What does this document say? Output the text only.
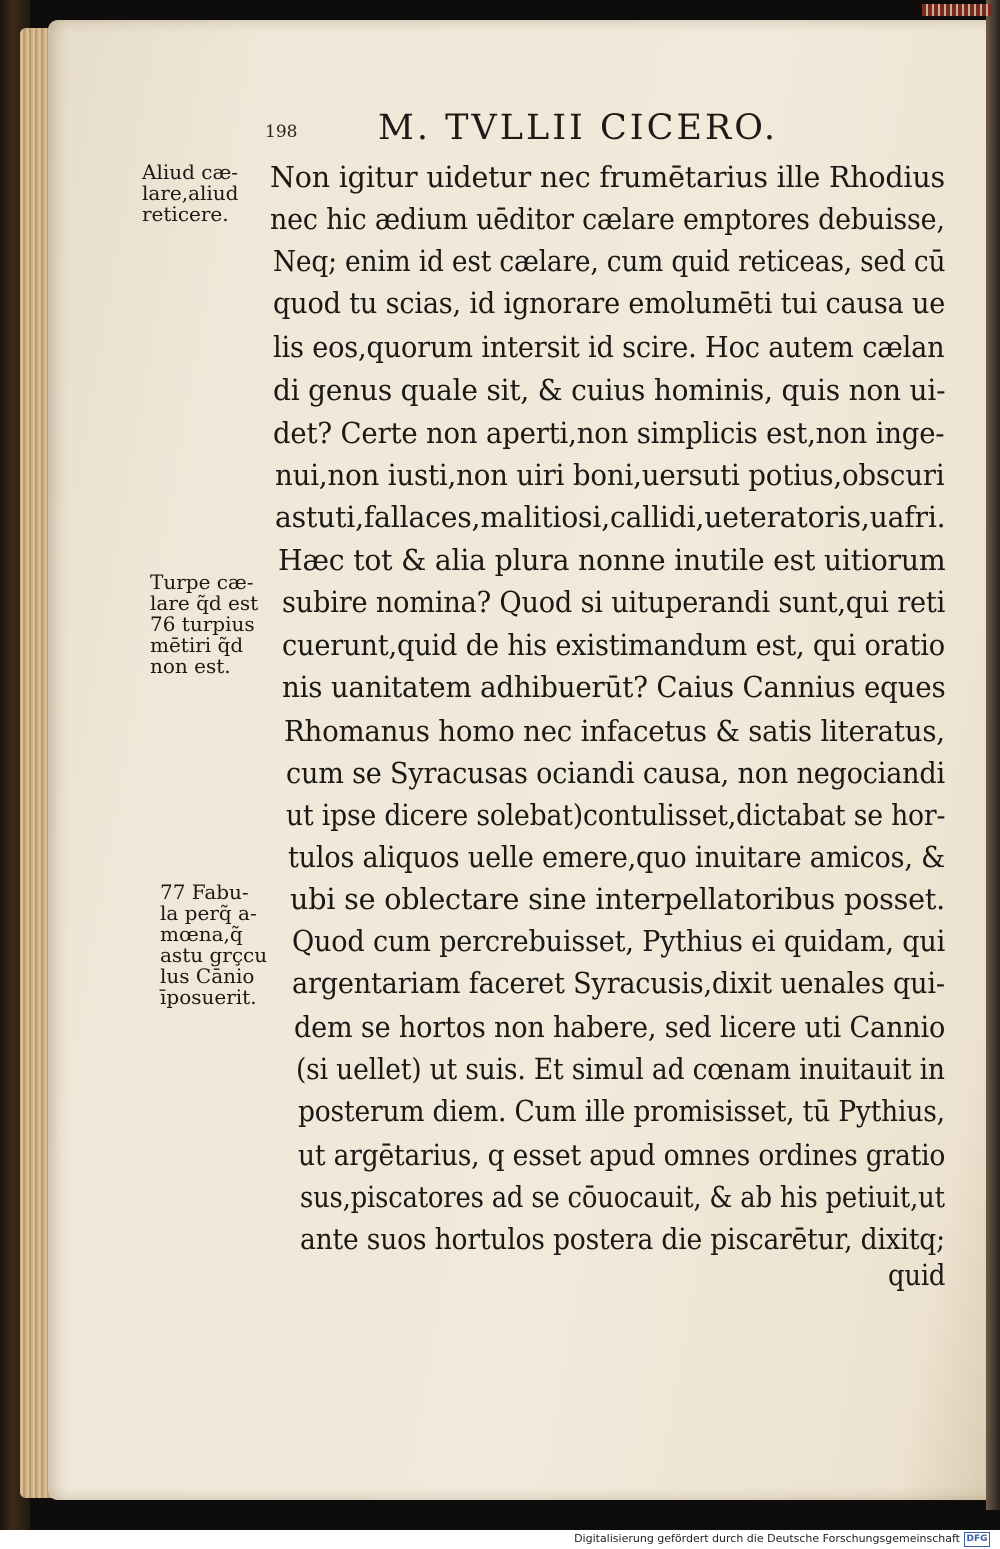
198 M. TVLLII CICERO.
Aliud cæ-
lare,aliud
reticere.
Turpe cæ-
lare q̃d est
76 turpius
mētiri q̃d
non est.
77 Fabu-
la perq̃ a-
mœna,q̃
astu grçcu
lus Cānio
īposuerit.
Non igitur uidetur nec frumētarius ille Rhodius
nec hic ædium uēditor cælare emptores debuisse,
Neq; enim id est cælare, cum quid reticeas, sed cū
quod tu scias, id ignorare emolumēti tui causa ue
lis eos,quorum intersit id scire. Hoc autem cælan
di genus quale sit, & cuius hominis, quis non ui-
det? Certe non aperti,non simplicis est,non inge-
nui,non iusti,non uiri boni,uersuti potius,obscuri
astuti,fallaces,malitiosi,callidi,ueteratoris,uafri.
Hæc tot & alia plura nonne inutile est uitiorum
subire nomina? Quod si uituperandi sunt,qui reti
cuerunt,quid de his existimandum est, qui oratio
nis uanitatem adhibuerūt? Caius Cannius eques
Rhomanus homo nec infacetus & satis literatus,
cum se Syracusas ociandi causa, non negociandi
ut ipse dicere solebat)contulisset,dictabat se hor-
tulos aliquos uelle emere,quo inuitare amicos, &
ubi se oblectare sine interpellatoribus posset.
Quod cum percrebuisset, Pythius ei quidam, qui
argentariam faceret Syracusis,dixit uenales qui-
dem se hortos non habere, sed licere uti Cannio
(si uellet) ut suis. Et simul ad cœnam inuitauit in
posterum diem. Cum ille promisisset, tū Pythius,
ut argētarius, q esset apud omnes ordines gratio
sus,piscatores ad se cōuocauit, & ab his petiuit,ut
ante suos hortulos postera die piscarētur, dixitq;
quid
Digitalisierung gefördert durch die Deutsche Forschungsgemeinschaft DFG
